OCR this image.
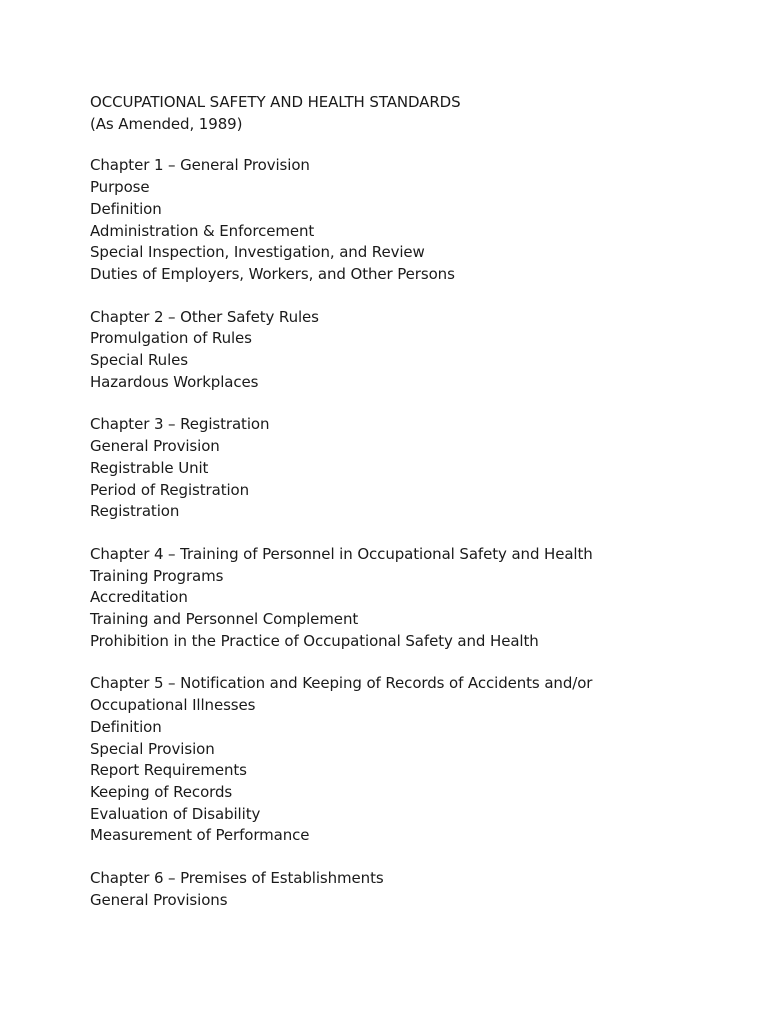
OCCUPATIONAL SAFETY AND HEALTH STANDARDS
(As Amended, 1989)
Chapter 1 – General Provision
Purpose
Definition
Administration & Enforcement
Special Inspection, Investigation, and Review
Duties of Employers, Workers, and Other Persons
Chapter 2 – Other Safety Rules
Promulgation of Rules
Special Rules
Hazardous Workplaces
Chapter 3 – Registration
General Provision
Registrable Unit
Period of Registration
Registration
Chapter 4 – Training of Personnel in Occupational Safety and Health
Training Programs
Accreditation
Training and Personnel Complement
Prohibition in the Practice of Occupational Safety and Health
Chapter 5 – Notification and Keeping of Records of Accidents and/or Occupational Illnesses
Definition
Special Provision
Report Requirements
Keeping of Records
Evaluation of Disability
Measurement of Performance
Chapter 6 – Premises of Establishments
General Provisions
